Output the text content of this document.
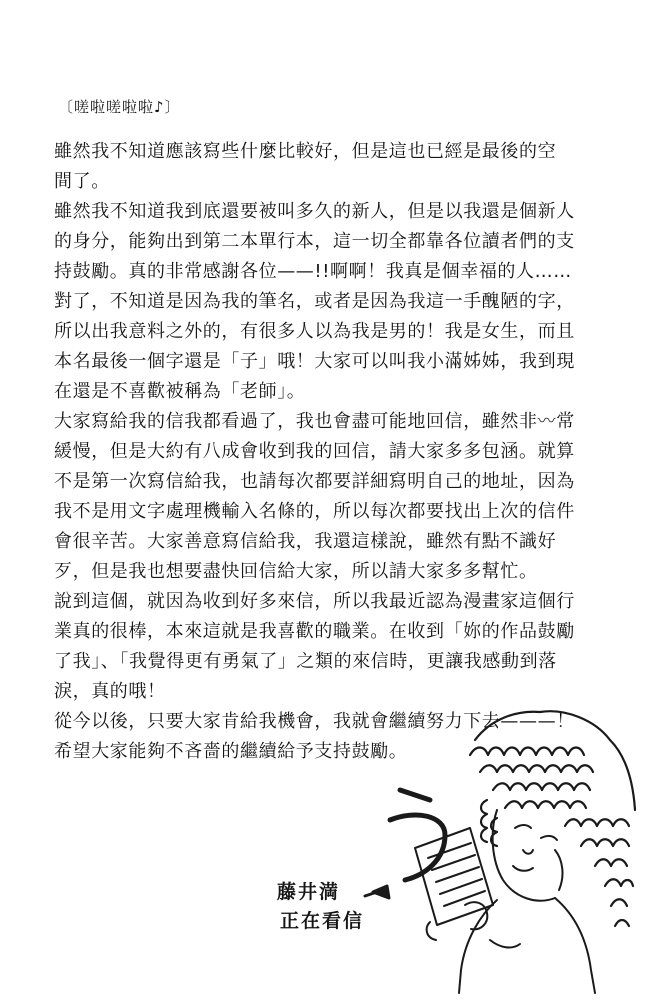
〔嗟啦嗟啦啦♪〕
雖然我不知道應該寫些什麼比較好，但是這也已經是最後的空
間了。
雖然我不知道我到底還要被叫多久的新人，但是以我還是個新人
的身分，能夠出到第二本單行本，這一切全都靠各位讀者們的支
持鼓勵。真的非常感謝各位——!!啊啊！我真是個幸福的人……
對了，不知道是因為我的筆名，或者是因為我這一手醜陋的字，
所以出我意料之外的，有很多人以為我是男的！我是女生，而且
本名最後一個字還是「子」哦！大家可以叫我小滿姊姊，我到現
在還是不喜歡被稱為「老師」。
大家寫給我的信我都看過了，我也會盡可能地回信，雖然非〰常
緩慢，但是大約有八成會收到我的回信，請大家多多包涵。就算
不是第一次寫信給我，也請每次都要詳細寫明自己的地址，因為
我不是用文字處理機輸入名條的，所以每次都要找出上次的信件
會很辛苦。大家善意寫信給我，我還這樣說，雖然有點不識好
歹，但是我也想要盡快回信給大家，所以請大家多多幫忙。
說到這個，就因為收到好多來信，所以我最近認為漫畫家這個行
業真的很棒，本來這就是我喜歡的職業。在收到「妳的作品鼓勵
了我」、「我覺得更有勇氣了」之類的來信時，更讓我感動到落
淚，真的哦！
從今以後，只要大家肯給我機會，我就會繼續努力下去———！
希望大家能夠不吝嗇的繼續給予支持鼓勵。
う
藤井満
正在看信
